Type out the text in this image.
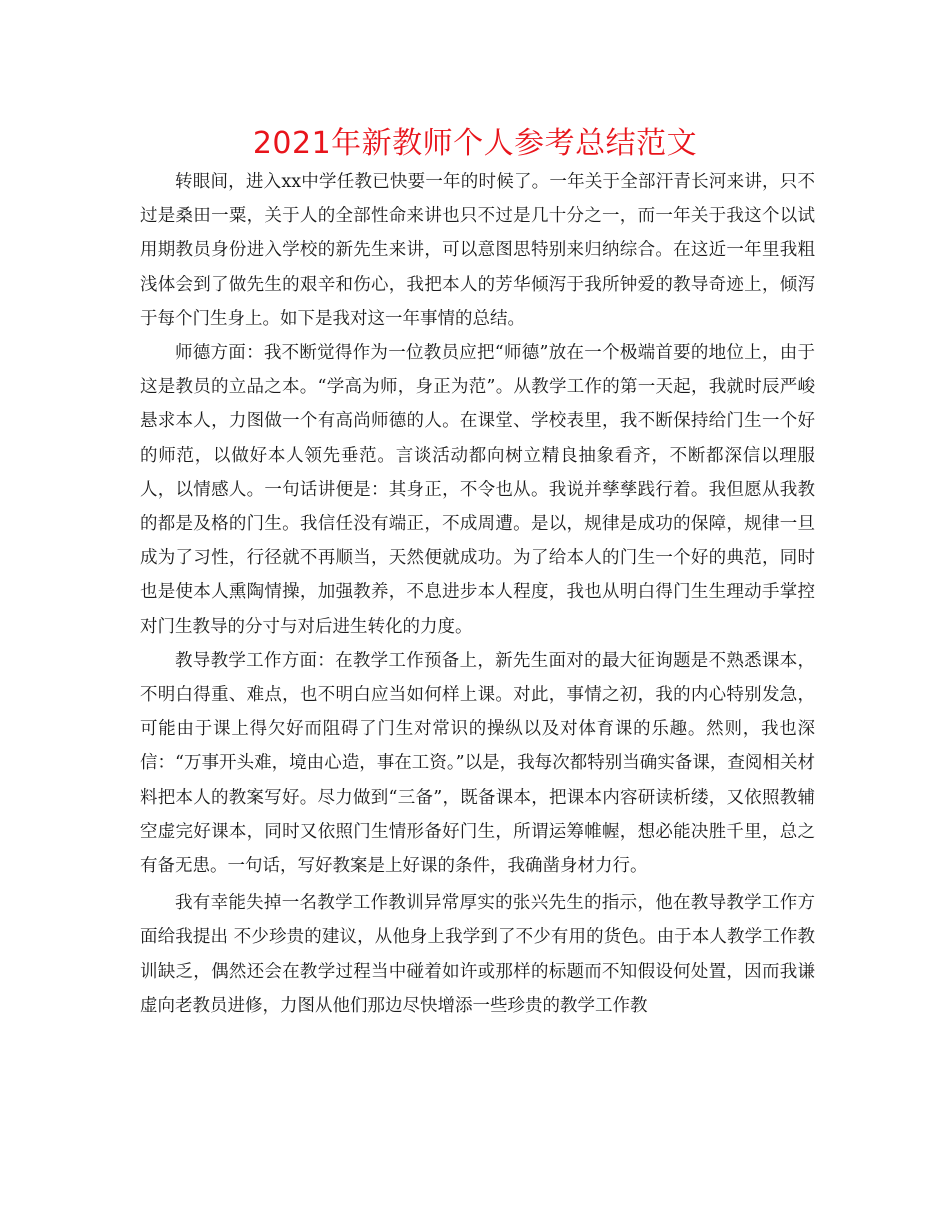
2021年新教师个人参考总结范文

转眼间，进入xx中学任教已快要一年的时候了。一年关于全部汗青长河来讲，只不过是桑田一粟，关于人的全部性命来讲也只不过是几十分之一，而一年关于我这个以试用期教员身份进入学校的新先生来讲，可以意图思特别来归纳综合。在这近一年里我粗浅体会到了做先生的艰辛和伤心，我把本人的芳华倾泻于我所钟爱的教导奇迹上，倾泻于每个门生身上。如下是我对这一年事情的总结。

师德方面：我不断觉得作为一位教员应把“师德”放在一个极端首要的地位上，由于这是教员的立品之本。“学高为师，身正为范”。从教学工作的第一天起，我就时辰严峻悬求本人，力图做一个有高尚师德的人。在课堂、学校表里，我不断保持给门生一个好的师范，以做好本人领先垂范。言谈活动都向树立精良抽象看齐，不断都深信以理服人，以情感人。一句话讲便是：其身正，不令也从。我说并孳孳践行着。我但愿从我教的都是及格的门生。我信任没有端正，不成周遭。是以，规律是成功的保障，规律一旦成为了习性，行径就不再顺当，天然便就成功。为了给本人的门生一个好的典范，同时也是使本人熏陶情操，加强教养，不息进步本人程度，我也从明白得门生生理动手掌控对门生教导的分寸与对后进生转化的力度。

教导教学工作方面：在教学工作预备上，新先生面对的最大征询题是不熟悉课本，不明白得重、难点，也不明白应当如何样上课。对此，事情之初，我的内心特别发急，可能由于课上得欠好而阻碍了门生对常识的操纵以及对体育课的乐趣。然则，我也深信：“万事开头难，境由心造，事在工资。”以是，我每次都特别当确实备课，查阅相关材料把本人的教案写好。尽力做到“三备”，既备课本，把课本内容研读析缕，又依照教辅空虚完好课本，同时又依照门生情形备好门生，所谓运筹帷幄，想必能决胜千里，总之有备无患。一句话，写好教案是上好课的条件，我确凿身材力行。

我有幸能失掉一名教学工作教训异常厚实的张兴先生的指示，他在教导教学工作方面给我提出 不少珍贵的建议，从他身上我学到了不少有用的货色。由于本人教学工作教训缺乏，偶然还会在教学过程当中碰着如许或那样的标题而不知假设何处置，因而我谦虚向老教员进修，力图从他们那边尽快增添一些珍贵的教学工作教
